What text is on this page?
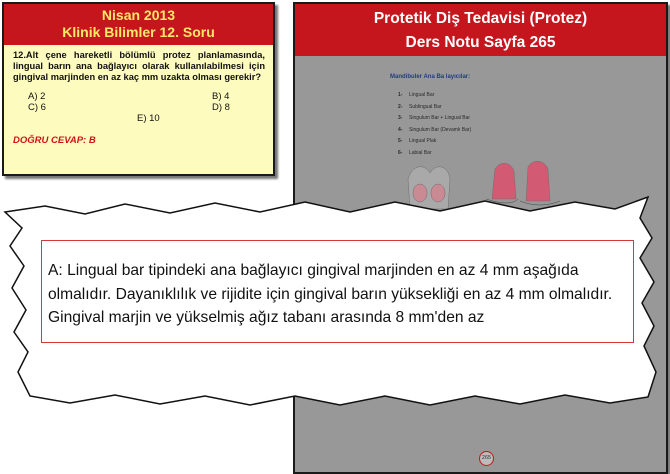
Nisan 2013
Klinik Bilimler 12. Soru
12.Alt çene hareketli bölümlü protez planlamasında, lingual barın ana bağlayıcı olarak kullanılabilmesi için gingival marjinden en az kaç mm uzakta olması gerekir?
A) 2	B) 4
C) 6	D) 8
E) 10
DOĞRU CEVAP: B
Protetik Diş Tedavisi (Protez)
Ders Notu Sayfa 265
Mandibuler Ana Ba layıcılar:
1- Lingual Bar
2- Sublingual Bar
3- Singulum Bar + Lingual Bar
4- Singulum Bar (Devamlı Bar)
5- Lingual Plak
6- Labial Bar
265
A: Lingual bar tipindeki ana bağlayıcı gingival marjinden en az 4 mm aşağıda olmalıdır. Dayanıklılık ve rijidite için gingival barın yüksekliği en az 4 mm olmalıdır. Gingival marjin ve yükselmiş ağız tabanı arasında 8 mm'den az
